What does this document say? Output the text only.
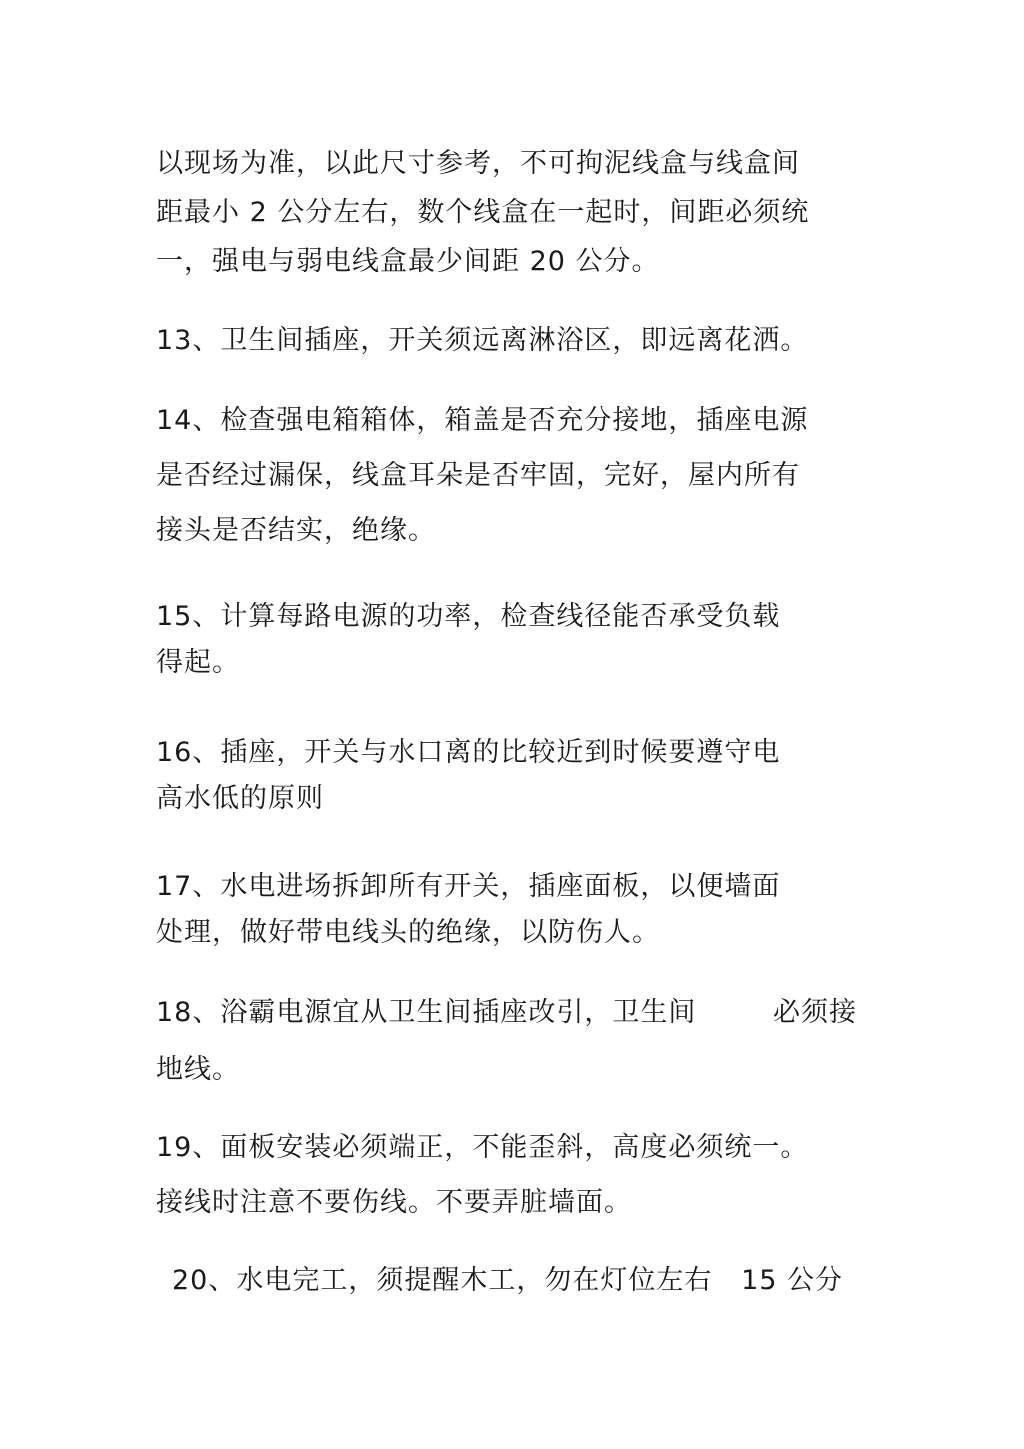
以现场为准，以此尺寸参考，不可拘泥线盒与线盒间
距最小 2 公分左右，数个线盒在一起时，间距必须统
一，强电与弱电线盒最少间距 20 公分。
13、卫生间插座，开关须远离淋浴区，即远离花洒。
14、检查强电箱箱体，箱盖是否充分接地，插座电源
是否经过漏保，线盒耳朵是否牢固，完好，屋内所有
接头是否结实，绝缘。
15、计算每路电源的功率，检查线径能否承受负载
得起。
16、插座，开关与水口离的比较近到时候要遵守电
高水低的原则
17、水电进场拆卸所有开关，插座面板，以便墙面
处理，做好带电线头的绝缘，以防伤人。
18、浴霸电源宜从卫生间插座改引，卫生间        必须接
地线。
19、面板安装必须端正，不能歪斜，高度必须统一。
接线时注意不要伤线。不要弄脏墙面。
20、水电完工，须提醒木工，勿在灯位左右   15 公分
